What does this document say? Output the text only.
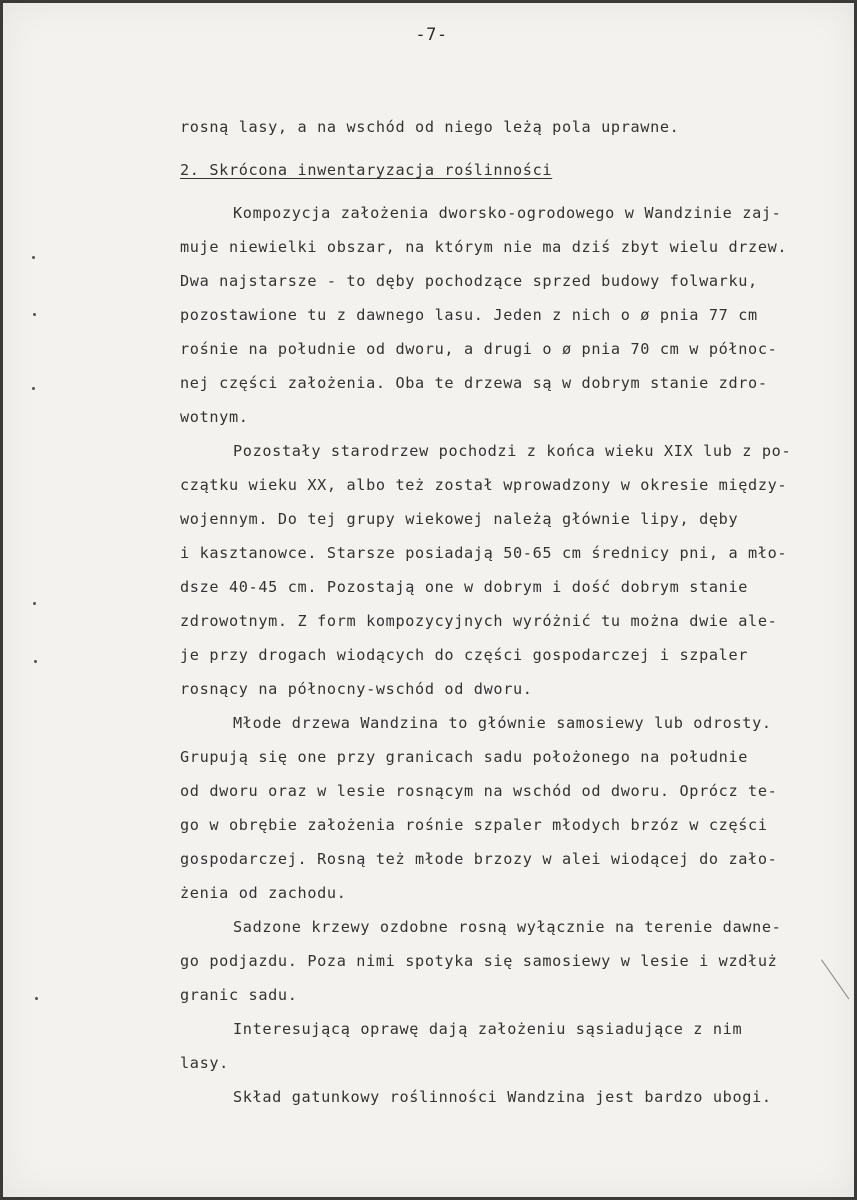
-7-
rosną lasy, a na wschód od niego leżą pola uprawne.
2. Skrócona inwentaryzacja roślinności
Kompozycja założenia dworsko-ogrodowego w Wandzinie zaj-
muje niewielki obszar, na którym nie ma dziś zbyt wielu drzew.
Dwa najstarsze - to dęby pochodzące sprzed budowy folwarku,
pozostawione tu z dawnego lasu. Jeden z nich o ø pnia 77 cm
rośnie na południe od dworu, a drugi o ø pnia 70 cm w północ-
nej części założenia. Oba te drzewa są w dobrym stanie zdro-
wotnym.
Pozostały starodrzew pochodzi z końca wieku XIX lub z po-
czątku wieku XX, albo też został wprowadzony w okresie między-
wojennym. Do tej grupy wiekowej należą głównie lipy, dęby
i kasztanowce. Starsze posiadają 50-65 cm średnicy pni, a mło-
dsze 40-45 cm. Pozostają one w dobrym i dość dobrym stanie
zdrowotnym. Z form kompozycyjnych wyróżnić tu można dwie ale-
je przy drogach wiodących do części gospodarczej i szpaler
rosnący na północny-wschód od dworu.
Młode drzewa Wandzina to głównie samosiewy lub odrosty.
Grupują się one przy granicach sadu położonego na południe
od dworu oraz w lesie rosnącym na wschód od dworu. Oprócz te-
go w obrębie założenia rośnie szpaler młodych brzóz w części
gospodarczej. Rosną też młode brzozy w alei wiodącej do zało-
żenia od zachodu.
Sadzone krzewy ozdobne rosną wyłącznie na terenie dawne-
go podjazdu. Poza nimi spotyka się samosiewy w lesie i wzdłuż
granic sadu.
Interesującą oprawę dają założeniu sąsiadujące z nim
lasy.
Skład gatunkowy roślinności Wandzina jest bardzo ubogi.
